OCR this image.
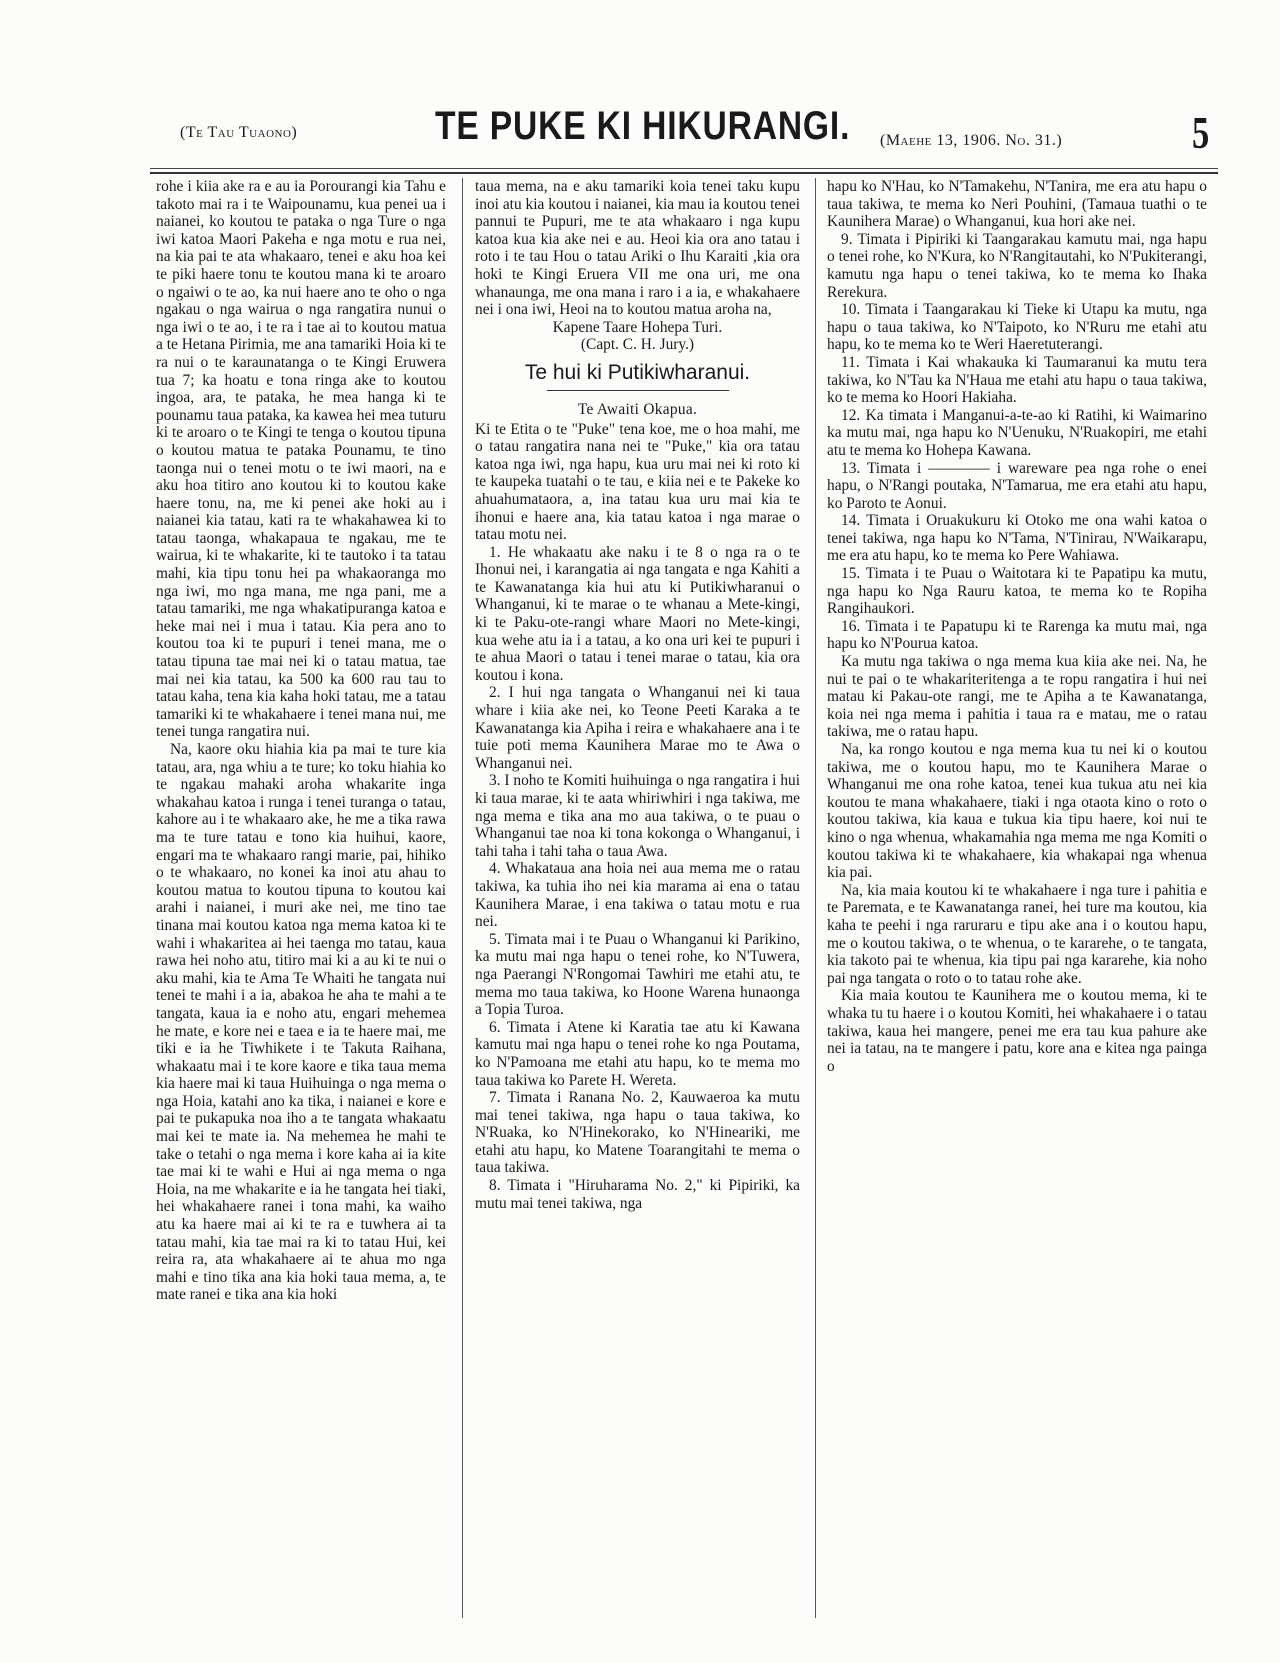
(Te Tau Tuaono)	TE PUKE KI HIKURANGI. (Maehe 13, 1906. No. 31.)	5

rohe i kiia ake ra e au ia Porourangi kia Tahu e takoto mai ra i te Waipounamu, kua penei ua i naianei, ko koutou te pataka o nga Ture o nga iwi katoa Maori Pakeha e nga motu e rua nei, na kia pai te ata whakaaro, tenei e aku hoa kei te piki haere tonu te koutou mana ki te aroaro o ngaiwi o te ao, ka nui haere ano te oho o nga ngakau o nga wairua o nga rangatira nunui o nga iwi o te ao, i te ra i tae ai to koutou matua a te Hetana Pirimia, me ana tamariki Hoia ki te ra nui o te karaunatanga o te Kingi Eruwera tua 7; ka hoatu e tona ringa ake to koutou ingoa, ara, te pataka, he mea hanga ki te pounamu taua pataka, ka kawea hei mea tuturu ki te aroaro o te Kingi te tenga o koutou tipuna o koutou matua te pataka Pounamu, te tino taonga nui o tenei motu o te iwi maori, na e aku hoa titiro ano koutou ki to koutou kake haere tonu, na, me ki penei ake hoki au i naianei kia tatau, kati ra te whakahawea ki to tatau taonga, whakapaua te ngakau, me te wairua, ki te whakarite, ki te tautoko i ta tatau mahi, kia tipu tonu hei pa whakaoranga mo nga iwi, mo nga mana, me nga pani, me a tatau tamariki, me nga whakatipuranga katoa e heke mai nei i mua i tatau. Kia pera ano to koutou toa ki te pupuri i tenei mana, me o tatau tipuna tae mai nei ki o tatau matua, tae mai nei kia tatau, ka 500 ka 600 rau tau to tatau kaha, tena kia kaha hoki tatau, me a tatau tamariki ki te whakahaere i tenei mana nui, me tenei tunga rangatira nui.

Na, kaore oku hiahia kia pa mai te ture kia tatau, ara, nga whiu a te ture; ko toku hiahia ko te ngakau mahaki aroha whakarite inga whakahau katoa i runga i tenei turanga o tatau, kahore au i te whakaaro ake, he me a tika rawa ma te ture tatau e tono kia huihui, kaore, engari ma te whakaaro rangi marie, pai, hihiko o te whakaaro, no konei ka inoi atu ahau to koutou matua to koutou tipuna to koutou kai arahi i naianei, i muri ake nei, me tino tae tinana mai koutou katoa nga mema katoa ki te wahi i whakaritea ai hei taenga mo tatau, kaua rawa hei noho atu, titiro mai ki a au ki te nui o aku mahi, kia te Ama Te Whaiti he tangata nui tenei te mahi i a ia, abakoa he aha te mahi a te tangata, kaua ia e noho atu, engari mehemea he mate, e kore nei e taea e ia te haere mai, me tiki e ia he Tiwhikete i te Takuta Raihana, whakaatu mai i te kore kaore e tika taua mema kia haere mai ki taua Huihuinga o nga mema o nga Hoia, katahi ano ka tika, i naianei e kore e pai te pukapuka noa iho a te tangata whakaatu mai kei te mate ia. Na mehemea he mahi te take o tetahi o nga mema i kore kaha ai ia kite tae mai ki te wahi e Hui ai nga mema o nga Hoia, na me whakarite e ia he tangata hei tiaki, hei whakahaere ranei i tona mahi, ka waiho atu ka haere mai ai ki te ra e tuwhera ai ta tatau mahi, kia tae mai ra ki to tatau Hui, kei reira ra, ata whakahaere ai te ahua mo nga mahi e tino tika ana kia hoki taua mema, a, te mate ranei e tika ana kia hoki

taua mema, na e aku tamariki koia tenei taku kupu inoi atu kia koutou i naianei, kia mau ia koutou tenei pannui te Pupuri, me te ata whakaaro i nga kupu katoa kua kia ake nei e au. Heoi kia ora ano tatau i roto i te tau Hou o tatau Ariki o Ihu Karaiti ,kia ora hoki te Kingi Eruera VII me ona uri, me ona whanaunga, me ona mana i raro i a ia, e whakahaere nei i ona iwi, Heoi na to koutou matua aroha na,

Kapene Taare Hohepa Turi.

(Capt. C. H. Jury.)

Te hui ki Putikiwharanui.
Te Awaiti Okapua.

Ki te Etita o te "Puke" tena koe, me o hoa mahi, me o tatau rangatira nana nei te "Puke," kia ora tatau katoa nga iwi, nga hapu, kua uru mai nei ki roto ki te kaupeka tuatahi o te tau, e kiia nei e te Pakeke ko ahuahumataora, a, ina tatau kua uru mai kia te ihonui e haere ana, kia tatau katoa i nga marae o tatau motu nei.

1. He whakaatu ake naku i te 8 o nga ra o te Ihonui nei, i karangatia ai nga tangata e nga Kahiti a te Kawanatanga kia hui atu ki Putikiwharanui o Whanganui, ki te marae o te whanau a Mete-kingi, ki te Paku-ote-rangi whare Maori no Mete-kingi, kua wehe atu ia i a tatau, a ko ona uri kei te pupuri i te ahua Maori o tatau i tenei marae o tatau, kia ora koutou i kona.

2. I hui nga tangata o Whanganui nei ki taua whare i kiia ake nei, ko Teone Peeti Karaka a te Kawanatanga kia Apiha i reira e whakahaere ana i te tuie poti mema Kaunihera Marae mo te Awa o Whanganui nei.

3. I noho te Komiti huihuinga o nga rangatira i hui ki taua marae, ki te aata whiriwhiri i nga takiwa, me nga mema e tika ana mo aua takiwa, o te puau o Whanganui tae noa ki tona kokonga o Whanganui, i tahi taha i tahi taha o taua Awa.

4. Whakataua ana hoia nei aua mema me o ratau takiwa, ka tuhia iho nei kia marama ai ena o tatau Kaunihera Marae, i ena takiwa o tatau motu e rua nei.

5. Timata mai i te Puau o Whanganui ki Parikino, ka mutu mai nga hapu o tenei rohe, ko N'Tuwera, nga Paerangi N'Rongomai Tawhiri me etahi atu, te mema mo taua takiwa, ko Hoone Warena hunaonga a Topia Turoa.

6. Timata i Atene ki Karatia tae atu ki Kawana kamutu mai nga hapu o tenei rohe ko nga Poutama, ko N'Pamoana me etahi atu hapu, ko te mema mo taua takiwa ko Parete H. Wereta.

7. Timata i Ranana No. 2, Kauwaeroa ka mutu mai tenei takiwa, nga hapu o taua takiwa, ko N'Ruaka, ko N'Hinekorako, ko N'Hineariki, me etahi atu hapu, ko Matene Toarangitahi te mema o taua takiwa.

8. Timata i "Hiruharama No. 2," ki Pipiriki, ka mutu mai tenei takiwa, nga

hapu ko N'Hau, ko N'Tamakehu, N'Tanira, me era atu hapu o taua takiwa, te mema ko Neri Pouhini, (Tamaua tuathi o te Kaunihera Marae) o Whanganui, kua hori ake nei.

9. Timata i Pipiriki ki Taangarakau kamutu mai, nga hapu o tenei rohe, ko N'Kura, ko N'Rangitautahi, ko N'Pukiterangi, kamutu nga hapu o tenei takiwa, ko te mema ko Ihaka Rerekura.

10. Timata i Taangarakau ki Tieke ki Utapu ka mutu, nga hapu o taua takiwa, ko N'Taipoto, ko N'Ruru me etahi atu hapu, ko te mema ko te Weri Haeretuterangi.

11. Timata i Kai whakauka ki Taumaranui ka mutu tera takiwa, ko N'Tau ka N'Haua me etahi atu hapu o taua takiwa, ko te mema ko Hoori Hakiaha.

12. Ka timata i Manganui-a-te-ao ki Ratihi, ki Waimarino ka mutu mai, nga hapu ko N'Uenuku, N'Ruakopiri, me etahi atu te mema ko Hohepa Kawana.

13. Timata i ———— i wareware pea nga rohe o enei hapu, o N'Rangi poutaka, N'Tamarua, me era etahi atu hapu, ko Paroto te Aonui.

14. Timata i Oruakukuru ki Otoko me ona wahi katoa o tenei takiwa, nga hapu ko N'Tama, N'Tinirau, N'Waikarapu, me era atu hapu, ko te mema ko Pere Wahiawa.

15. Timata i te Puau o Waitotara ki te Papatipu ka mutu, nga hapu ko Nga Rauru katoa, te mema ko te Ropiha Rangihaukori.

16. Timata i te Papatupu ki te Rarenga ka mutu mai, nga hapu ko N'Pourua katoa.

Ka mutu nga takiwa o nga mema kua kiia ake nei. Na, he nui te pai o te whakariteritenga a te ropu rangatira i hui nei matau ki Pakau-ote rangi, me te Apiha a te Kawanatanga, koia nei nga mema i pahitia i taua ra e matau, me o ratau takiwa, me o ratau hapu.

Na, ka rongo koutou e nga mema kua tu nei ki o koutou takiwa, me o koutou hapu, mo te Kaunihera Marae o Whanganui me ona rohe katoa, tenei kua tukua atu nei kia koutou te mana whakahaere, tiaki i nga otaota kino o roto o koutou takiwa, kia kaua e tukua kia tipu haere, koi nui te kino o nga whenua, whakamahia nga mema me nga Komiti o koutou takiwa ki te whakahaere, kia whakapai nga whenua kia pai.

Na, kia maia koutou ki te whakahaere i nga ture i pahitia e te Paremata, e te Kawanatanga ranei, hei ture ma koutou, kia kaha te peehi i nga raruraru e tipu ake ana i o koutou hapu, me o koutou takiwa, o te whenua, o te kararehe, o te tangata, kia takoto pai te whenua, kia tipu pai nga kararehe, kia noho pai nga tangata o roto o to tatau rohe ake.

Kia maia koutou te Kaunihera me o koutou mema, ki te whaka tu tu haere i o koutou Komiti, hei whakahaere i o tatau takiwa, kaua hei mangere, penei me era tau kua pahure ake nei ia tatau, na te mangere i patu, kore ana e kitea nga painga o
